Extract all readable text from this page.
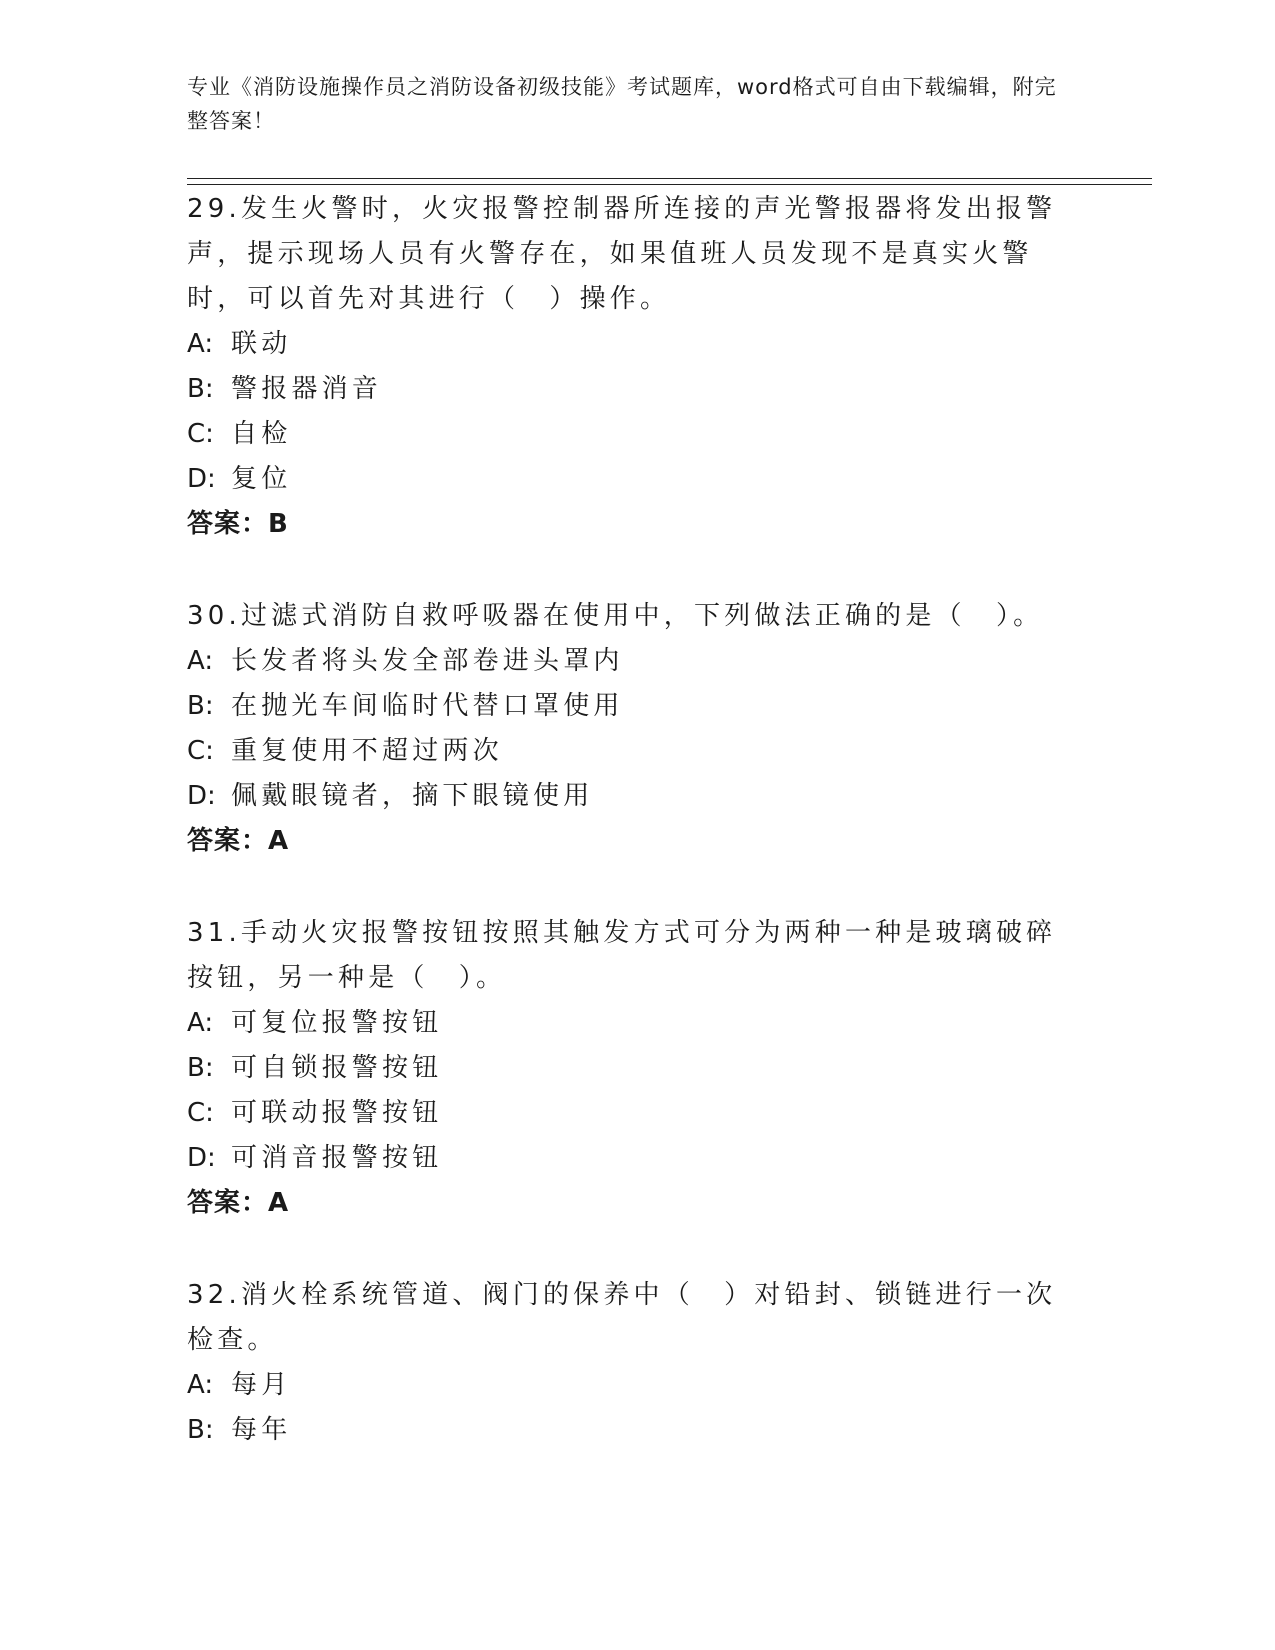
专业《消防设施操作员之消防设备初级技能》考试题库，word格式可自由下载编辑，附完整答案！

29.发生火警时，火灾报警控制器所连接的声光警报器将发出报警声，提示现场人员有火警存在，如果值班人员发现不是真实火警时，可以首先对其进行（　）操作。

A: 联动

B: 警报器消音

C: 自检

D: 复位

答案：B

30.过滤式消防自救呼吸器在使用中，下列做法正确的是（　）。

A: 长发者将头发全部卷进头罩内

B: 在抛光车间临时代替口罩使用

C: 重复使用不超过两次

D: 佩戴眼镜者，摘下眼镜使用

答案：A

31.手动火灾报警按钮按照其触发方式可分为两种一种是玻璃破碎按钮，另一种是（　）。

A: 可复位报警按钮

B: 可自锁报警按钮

C: 可联动报警按钮

D: 可消音报警按钮

答案：A

32.消火栓系统管道、阀门的保养中（　）对铅封、锁链进行一次检查。

A: 每月

B: 每年
